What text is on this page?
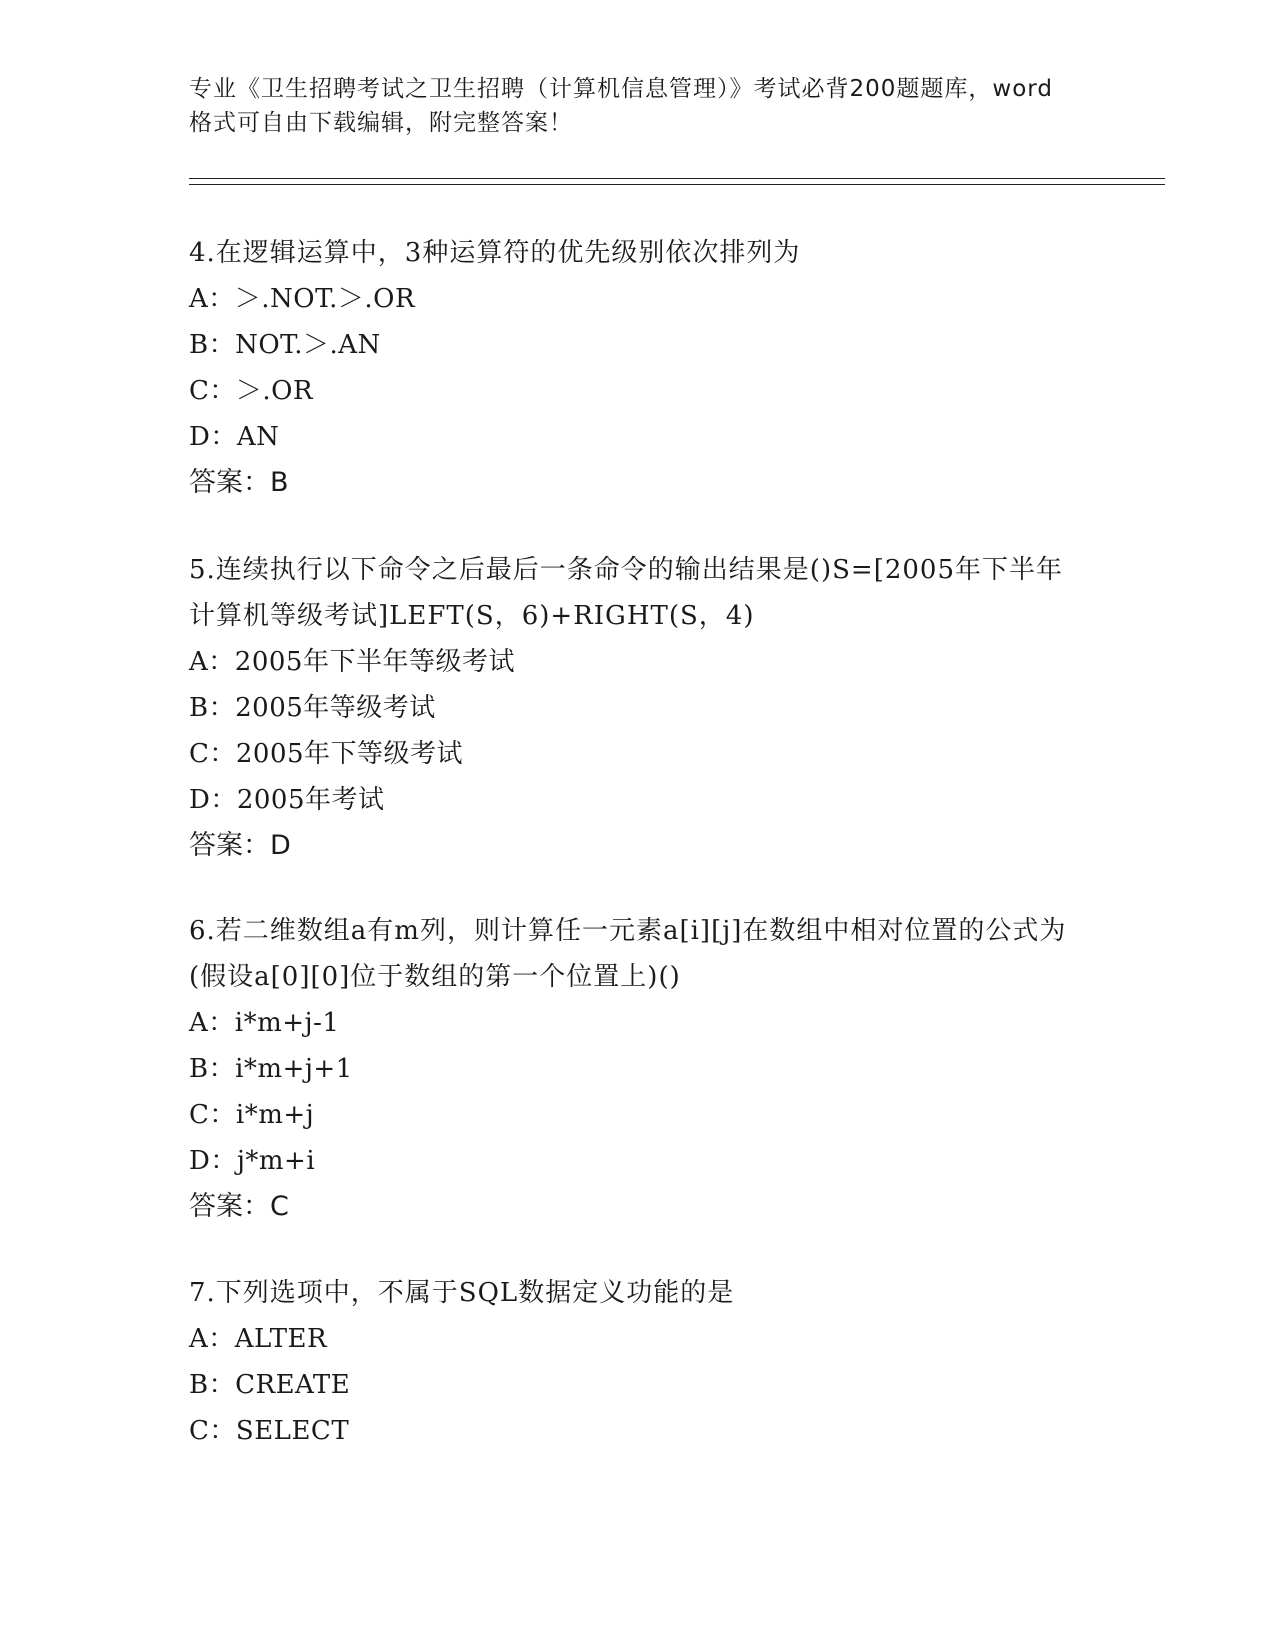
专业《卫生招聘考试之卫生招聘（计算机信息管理）》考试必背200题题库，word
格式可自由下载编辑，附完整答案！

4.在逻辑运算中，3种运算符的优先级别依次排列为

A：＞.NOT.＞.OR

B：NOT.＞.AN

C：＞.OR

D：AN

答案：B

5.连续执行以下命令之后最后一条命令的输出结果是()S=[2005年下半年计算机等级考试]LEFT(S，6)+RIGHT(S，4)

A：2005年下半年等级考试

B：2005年等级考试

C：2005年下等级考试

D：2005年考试

答案：D

6.若二维数组a有m列，则计算任一元素a[i][j]在数组中相对位置的公式为(假设a[0][0]位于数组的第一个位置上)()

A：i*m+j-1

B：i*m+j+1

C：i*m+j

D：j*m+i

答案：C

7.下列选项中，不属于SQL数据定义功能的是

A：ALTER

B：CREATE

C：SELECT
